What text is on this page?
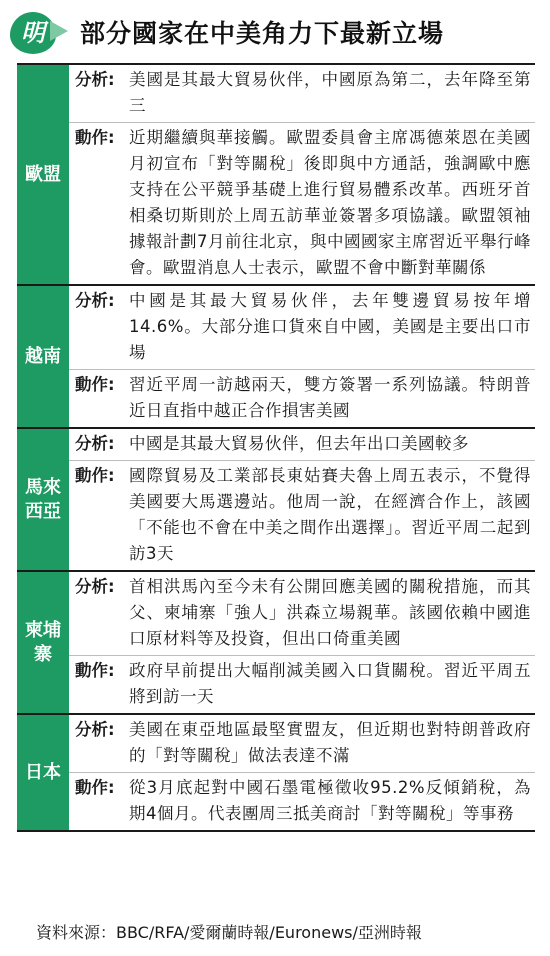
明	部分國家在中美角力下最新立場
歐盟
分析: 美國是其最大貿易伙伴，中國原為第二，去年降至第三
動作: 近期繼續與華接觸。歐盟委員會主席馮德萊恩在美國月初宣布「對等關稅」後即與中方通話，強調歐中應支持在公平競爭基礎上進行貿易體系改革。西班牙首相桑切斯則於上周五訪華並簽署多項協議。歐盟領袖據報計劃7月前往北京，與中國國家主席習近平舉行峰會。歐盟消息人士表示，歐盟不會中斷對華關係
越南
分析: 中國是其最大貿易伙伴，去年雙邊貿易按年增14.6%。大部分進口貨來自中國，美國是主要出口市場
動作: 習近平周一訪越兩天，雙方簽署一系列協議。特朗普近日直指中越正合作損害美國
馬來西亞
分析: 中國是其最大貿易伙伴，但去年出口美國較多
動作: 國際貿易及工業部長東姑賽夫魯上周五表示，不覺得美國要大馬選邊站。他周一說，在經濟合作上，該國「不能也不會在中美之間作出選擇」。習近平周二起到訪3天
柬埔寨
分析: 首相洪馬內至今未有公開回應美國的關稅措施，而其父、柬埔寨「強人」洪森立場親華。該國依賴中國進口原材料等及投資，但出口倚重美國
動作: 政府早前提出大幅削減美國入口貨關稅。習近平周五將到訪一天
日本
分析: 美國在東亞地區最堅實盟友，但近期也對特朗普政府的「對等關稅」做法表達不滿
動作: 從3月底起對中國石墨電極徵收95.2%反傾銷稅，為期4個月。代表團周三抵美商討「對等關稅」等事務
資料來源：BBC/RFA/愛爾蘭時報/Euronews/亞洲時報
